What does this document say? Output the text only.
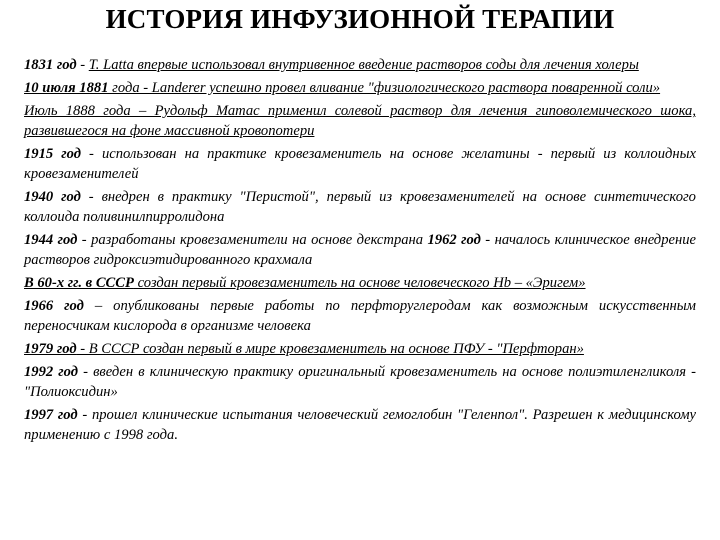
ИСТОРИЯ ИНФУЗИОННОЙ ТЕРАПИИ

1831 год - T. Latta впервые использовал внутривенное введение растворов соды для лечения холеры

10 июля 1881 года - Landerer успешно провел вливание "физиологического раствора поваренной соли»

Июль 1888 года – Рудольф Матас применил солевой раствор для лечения гиповолемического шока, развившегося на фоне массивной кровопотери

1915 год - использован на практике кровезаменитель на основе желатины - первый из коллоидных кровезаменителей

1940 год - внедрен в практику "Перистой", первый из кровезаменителей на основе синтетического коллоида поливинилпирролидона

1944 год - разработаны кровезаменители на основе декстрана 1962 год - началось клиническое внедрение растворов гидроксиэтидированного крахмала

В 60-х гг. в СССР создан первый кровезаменитель на основе человеческого Hb – «Эригем»

1966 год – опубликованы первые работы по перфторуглеродам как возможным искусственным переносчикам кислорода в организме человека

1979 год - В СССР создан первый в мире кровезаменитель на основе ПФУ - "Перфторан»

1992 год - введен в клиническую практику оригинальный кровезаменитель на основе полиэтиленгликоля - "Полиоксидин»

1997 год - прошел клинические испытания человеческий гемоглобин "Геленпол". Разрешен к медицинскому применению с 1998 года.
